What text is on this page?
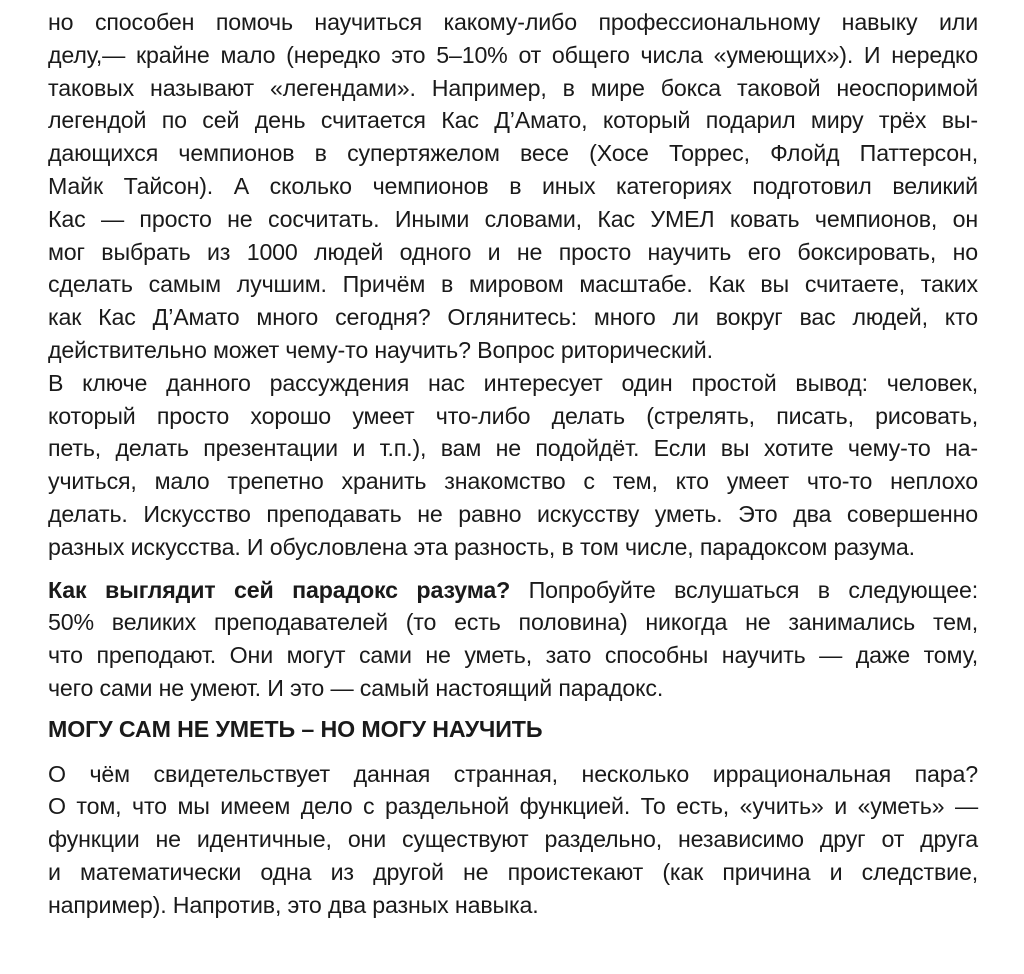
но способен помочь научиться какому-либо профессиональному навыку или
делу,— крайне мало (нередко это 5–10% от общего числа «умеющих»). И нередко
таковых называют «легендами». Например, в мире бокса таковой неоспоримой
легендой по сей день считается Кас Д’Амато, который подарил миру трёх вы-
дающихся чемпионов в супертяжелом весе (Хосе Торрес, Флойд Паттерсон,
Майк Тайсон). А сколько чемпионов в иных категориях подготовил великий
Кас — просто не сосчитать. Иными словами, Кас УМЕЛ ковать чемпионов, он
мог выбрать из 1000 людей одного и не просто научить его боксировать, но
сделать самым лучшим. Причём в мировом масштабе. Как вы считаете, таких
как Кас Д’Амато много сегодня? Оглянитесь: много ли вокруг вас людей, кто
действительно может чему-то научить? Вопрос риторический.
В ключе данного рассуждения нас интересует один простой вывод: человек,
который просто хорошо умеет что-либо делать (стрелять, писать, рисовать,
петь, делать презентации и т.п.), вам не подойдёт. Если вы хотите чему-то на-
учиться, мало трепетно хранить знакомство с тем, кто умеет что-то неплохо
делать. Искусство преподавать не равно искусству уметь. Это два совершенно
разных искусства. И обусловлена эта разность, в том числе, парадоксом разума.
Как выглядит сей парадокс разума? Попробуйте вслушаться в следующее:
50% великих преподавателей (то есть половина) никогда не занимались тем,
что преподают. Они могут сами не уметь, зато способны научить — даже тому,
чего сами не умеют. И это — самый настоящий парадокс.
МОГУ САМ НЕ УМЕТЬ – НО МОГУ НАУЧИТЬ
О чём свидетельствует данная странная, несколько иррациональная пара?
О том, что мы имеем дело с раздельной функцией. То есть, «учить» и «уметь» —
функции не идентичные, они существуют раздельно, независимо друг от друга
и математически одна из другой не проистекают (как причина и следствие,
например). Напротив, это два разных навыка.
